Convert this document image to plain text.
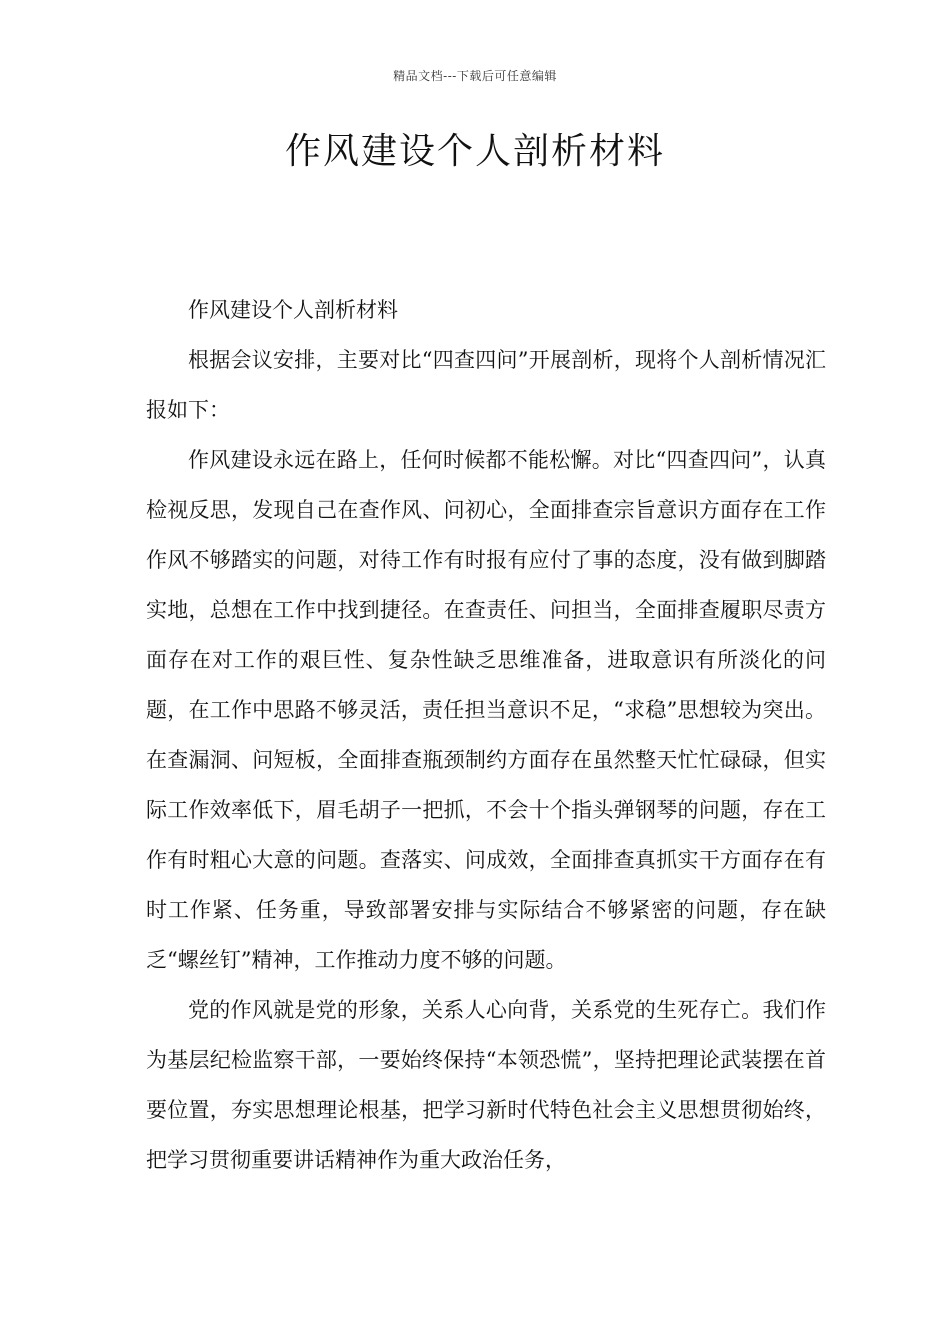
精品文档---下载后可任意编辑
作风建设个人剖析材料

作风建设个人剖析材料

根据会议安排，主要对比“四查四问”开展剖析，现将个人剖析情况汇报如下：

作风建设永远在路上，任何时候都不能松懈。对比“四查四问”，认真检视反思，发现自己在查作风、问初心，全面排查宗旨意识方面存在工作作风不够踏实的问题，对待工作有时报有应付了事的态度，没有做到脚踏实地，总想在工作中找到捷径。在查责任、问担当，全面排查履职尽责方面存在对工作的艰巨性、复杂性缺乏思维准备，进取意识有所淡化的问题，在工作中思路不够灵活，责任担当意识不足，“求稳”思想较为突出。在查漏洞、问短板，全面排查瓶颈制约方面存在虽然整天忙忙碌碌，但实际工作效率低下，眉毛胡子一把抓，不会十个指头弹钢琴的问题，存在工作有时粗心大意的问题。查落实、问成效，全面排查真抓实干方面存在有时工作紧、任务重，导致部署安排与实际结合不够紧密的问题，存在缺乏“螺丝钉”精神，工作推动力度不够的问题。

党的作风就是党的形象，关系人心向背，关系党的生死存亡。我们作为基层纪检监察干部，一要始终保持“本领恐慌”，坚持把理论武装摆在首要位置，夯实思想理论根基，把学习新时代特色社会主义思想贯彻始终，把学习贯彻重要讲话精神作为重大政治任务，
